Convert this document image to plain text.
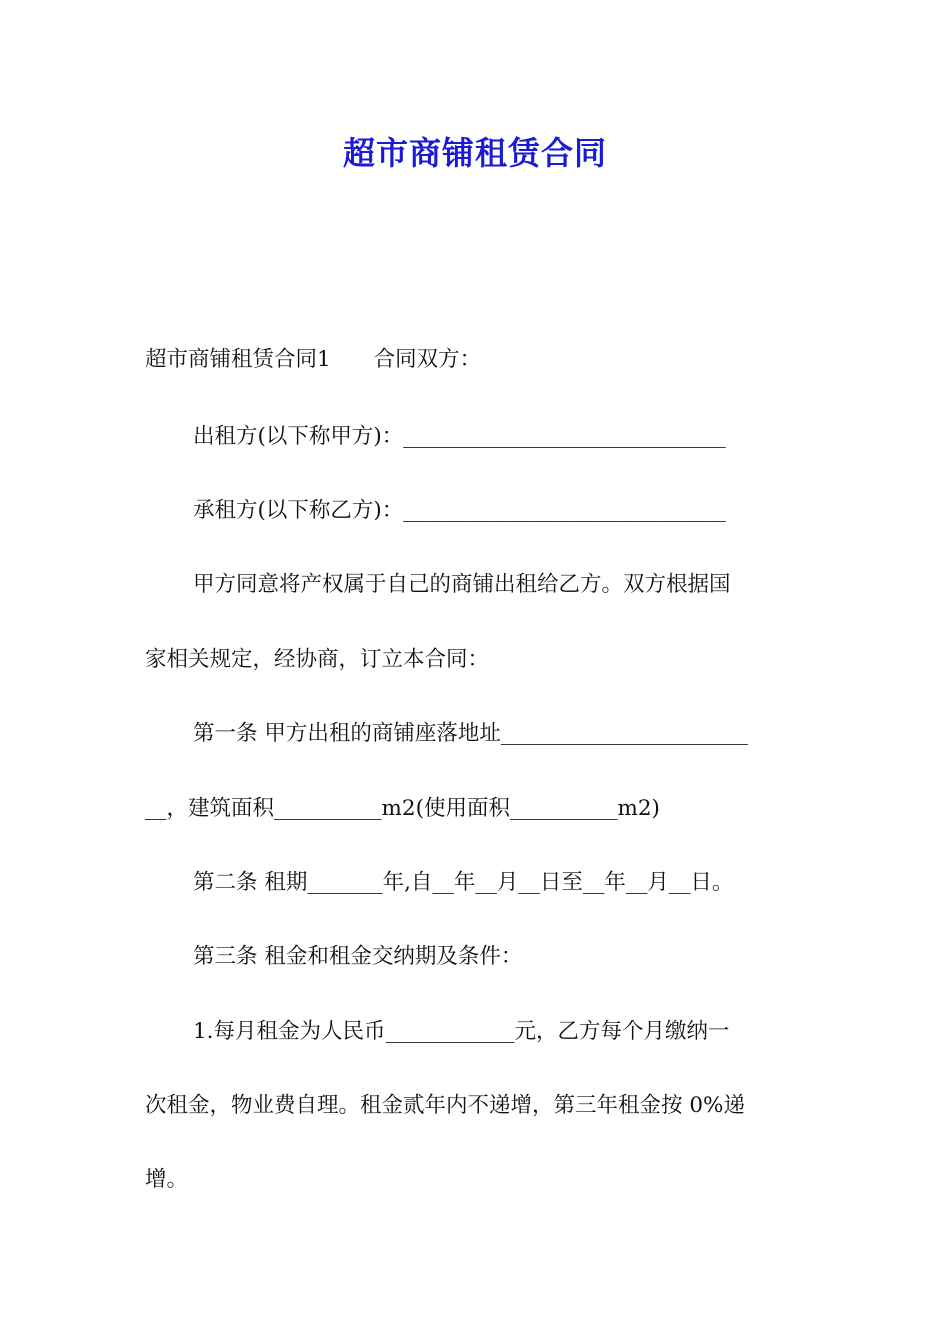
超市商铺租赁合同
超市商铺租赁合同1　　合同双方：
出租方(以下称甲方)：______________________________
承租方(以下称乙方)：______________________________
甲方同意将产权属于自己的商铺出租给乙方。双方根据国
家相关规定，经协商，订立本合同：
第一条 甲方出租的商铺座落地址_______________________
__，建筑面积__________m2(使用面积__________m2)
第二条 租期_______年,自__年__月__日至__年__月__日。
第三条 租金和租金交纳期及条件：
1.每月租金为人民币____________元，乙方每个月缴纳一
次租金，物业费自理。租金贰年内不递增，第三年租金按 0%递
增。
